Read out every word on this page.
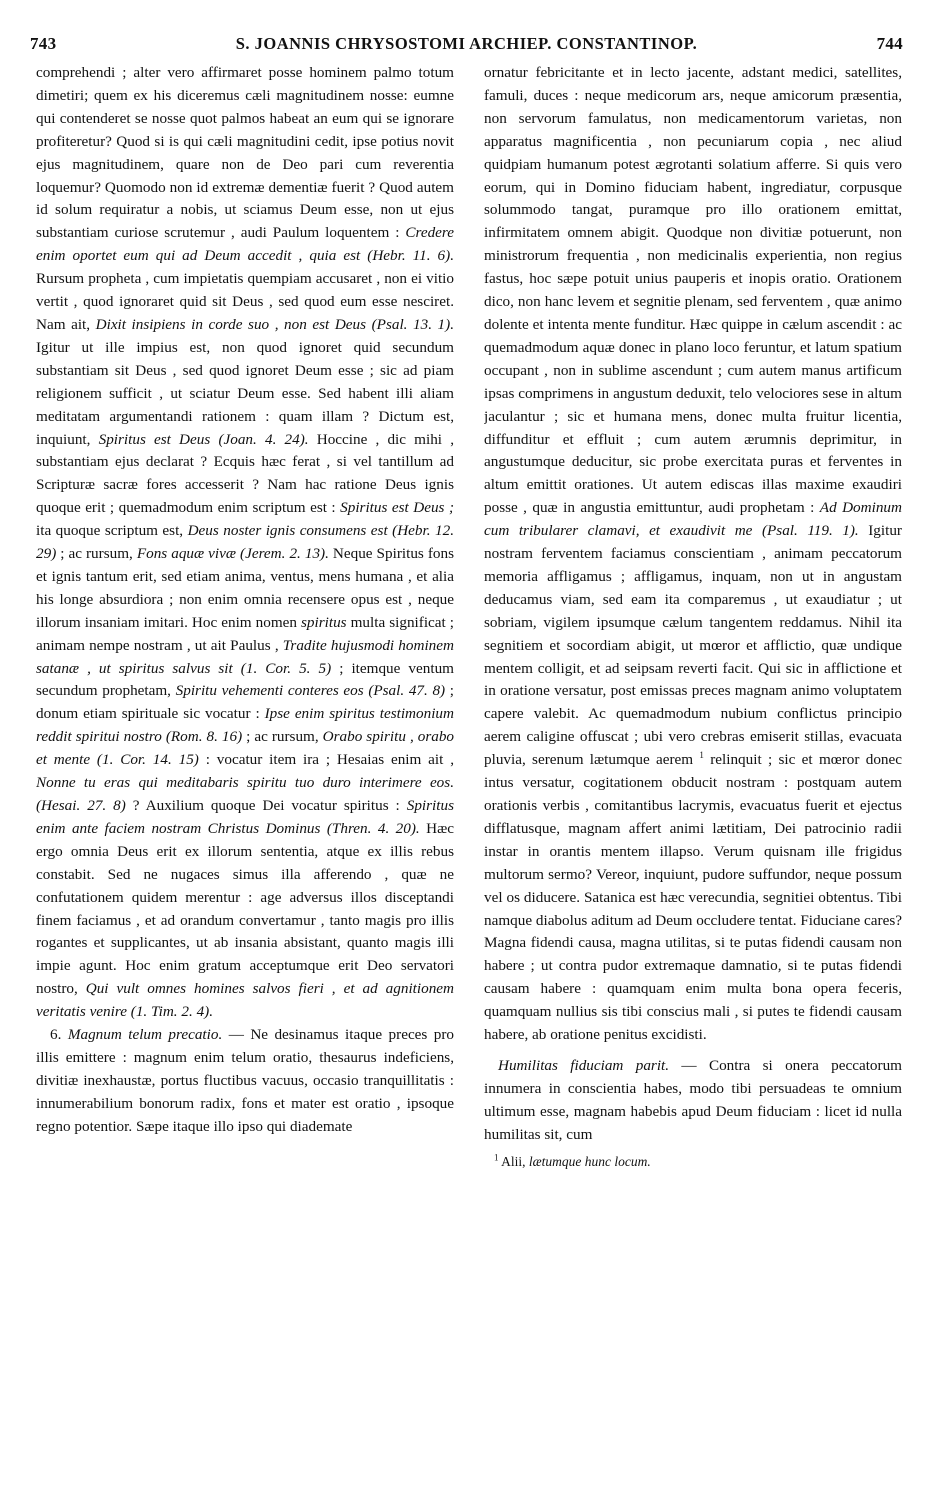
743	S. JOANNIS CHRYSOSTOMI ARCHIEP. CONSTANTINOP.	744

comprehendi ; alter vero affirmaret posse hominem palmo totum dimetiri; quem ex his diceremus cæli magnitudinem nosse: eumne qui contenderet se nosse quot palmos habeat an eum qui se ignorare profiteretur? Quod si is qui cæli magnitudini cedit, ipse potius novit ejus magnitudinem, quare non de Deo pari cum reverentia loquemur? Quomodo non id extremæ dementiæ fuerit ? Quod autem id solum requiratur a nobis, ut sciamus Deum esse, non ut ejus substantiam curiose scrutemur , audi Paulum loquentem : Credere enim oportet eum qui ad Deum accedit , quia est (Hebr. 11. 6). Rursum propheta , cum impietatis quempiam accusaret , non ei vitio vertit , quod ignoraret quid sit Deus , sed quod eum esse nesciret. Nam ait, Dixit insipiens in corde suo , non est Deus (Psal. 13. 1). Igitur ut ille impius est, non quod ignoret quid secundum substantiam sit Deus , sed quod ignoret Deum esse ; sic ad piam religionem sufficit , ut sciatur Deum esse. Sed habent illi aliam meditatam argumentandi rationem : quam illam ? Dictum est, inquiunt, Spiritus est Deus (Joan. 4. 24). Hoccine , dic mihi , substantiam ejus declarat ? Ecquis hæc ferat , si vel tantillum ad Scripturæ sacræ fores accesserit ? Nam hac ratione Deus ignis quoque erit ; quemadmodum enim scriptum est : Spiritus est Deus ; ita quoque scriptum est, Deus noster ignis consumens est (Hebr. 12. 29) ; ac rursum, Fons aquæ vivæ (Jerem. 2. 13). Neque Spiritus fons et ignis tantum erit, sed etiam anima, ventus, mens humana , et alia his longe absurdiora ; non enim omnia recensere opus est , neque illorum insaniam imitari. Hoc enim nomen spiritus multa significat ; animam nempe nostram , ut ait Paulus , Tradite hujusmodi hominem satanæ , ut spiritus salvus sit (1. Cor. 5. 5) ; itemque ventum secundum prophetam, Spiritu vehementi conteres eos (Psal. 47. 8) ; donum etiam spirituale sic vocatur : Ipse enim spiritus testimonium reddit spiritui nostro (Rom. 8. 16) ; ac rursum, Orabo spiritu , orabo et mente (1. Cor. 14. 15) : vocatur item ira ; Hesaias enim ait , Nonne tu eras qui meditabaris spiritu tuo duro interimere eos. (Hesai. 27. 8) ? Auxilium quoque Dei vocatur spiritus : Spiritus enim ante faciem nostram Christus Dominus (Thren. 4. 20). Hæc ergo omnia Deus erit ex illorum sententia, atque ex illis rebus constabit. Sed ne nugaces simus illa afferendo , quæ ne confutationem quidem merentur : age adversus illos disceptandi finem faciamus , et ad orandum convertamur , tanto magis pro illis rogantes et supplicantes, ut ab insania absistant, quanto magis illi impie agunt. Hoc enim gratum acceptumque erit Deo servatori nostro, Qui vult omnes homines salvos fieri , et ad agnitionem veritatis venire (1. Tim. 2. 4).

6. Magnum telum precatio. — Ne desinamus itaque preces pro illis emittere : magnum enim telum oratio, thesaurus indeficiens, divitiæ inexhaustæ, portus fluctibus vacuus, occasio tranquillitatis : innumerabilium bonorum radix, fons et mater est oratio , ipsoque regno potentior. Sæpe itaque illo ipso qui diademate

ornatur febricitante et in lecto jacente, adstant medici, satellites, famuli, duces : neque medicorum ars, neque amicorum præsentia, non servorum famulatus, non medicamentorum varietas, non apparatus magnificentia , non pecuniarum copia , nec aliud quidpiam humanum potest ægrotanti solatium afferre. Si quis vero eorum, qui in Domino fiduciam habent, ingrediatur, corpusque solummodo tangat, puramque pro illo orationem emittat, infirmitatem omnem abigit. Quodque non divitiæ potuerunt, non ministrorum frequentia , non medicinalis experientia, non regius fastus, hoc sæpe potuit unius pauperis et inopis oratio. Orationem dico, non hanc levem et segnitie plenam, sed ferventem , quæ animo dolente et intenta mente funditur. Hæc quippe in cælum ascendit : ac quemadmodum aquæ donec in plano loco feruntur, et latum spatium occupant , non in sublime ascendunt ; cum autem manus artificum ipsas comprimens in angustum deduxit, telo velociores sese in altum jaculantur ; sic et humana mens, donec multa fruitur licentia, diffunditur et effluit ; cum autem ærumnis deprimitur, in angustumque deducitur, sic probe exercitata puras et ferventes in altum emittit orationes. Ut autem ediscas illas maxime exaudiri posse , quæ in angustia emittuntur, audi prophetam : Ad Dominum cum tribularer clamavi, et exaudivit me (Psal. 119. 1). Igitur nostram ferventem faciamus conscientiam , animam peccatorum memoria affligamus ; affligamus, inquam, non ut in angustam deducamus viam, sed eam ita comparemus , ut exaudiatur ; ut sobriam, vigilem ipsumque cælum tangentem reddamus. Nihil ita segnitiem et socordiam abigit, ut mœror et afflictio, quæ undique mentem colligit, et ad seipsam reverti facit. Qui sic in afflictione et in oratione versatur, post emissas preces magnam animo voluptatem capere valebit. Ac quemadmodum nubium conflictus principio aerem caligine offuscat ; ubi vero crebras emiserit stillas, evacuata pluvia, serenum lætumque aerem $^1$ relinquit ; sic et mœror donec intus versatur, cogitationem obducit nostram : postquam autem orationis verbis , comitantibus lacrymis, evacuatus fuerit et ejectus difflatusque, magnam affert animi lætitiam, Dei patrocinio radii instar in orantis mentem illapso. Verum quisnam ille frigidus multorum sermo? Vereor, inquiunt, pudore suffundor, neque possum vel os diducere. Satanica est hæc verecundia, segnitiei obtentus. Tibi namque diabolus aditum ad Deum occludere tentat. Fiduciane cares? Magna fidendi causa, magna utilitas, si te putas fidendi causam non habere ; ut contra pudor extremaque damnatio, si te putas fidendi causam habere : quamquam enim multa bona opera feceris, quamquam nullius sis tibi conscius mali , si putes te fidendi causam habere, ab oratione penitus excidisti.

Humilitas fiduciam parit. — Contra si onera peccatorum innumera in conscientia habes, modo tibi persuadeas te omnium ultimum esse, magnam habebis apud Deum fiduciam : licet id nulla humilitas sit, cum

$^1$ Alii, lætumque hunc locum.
